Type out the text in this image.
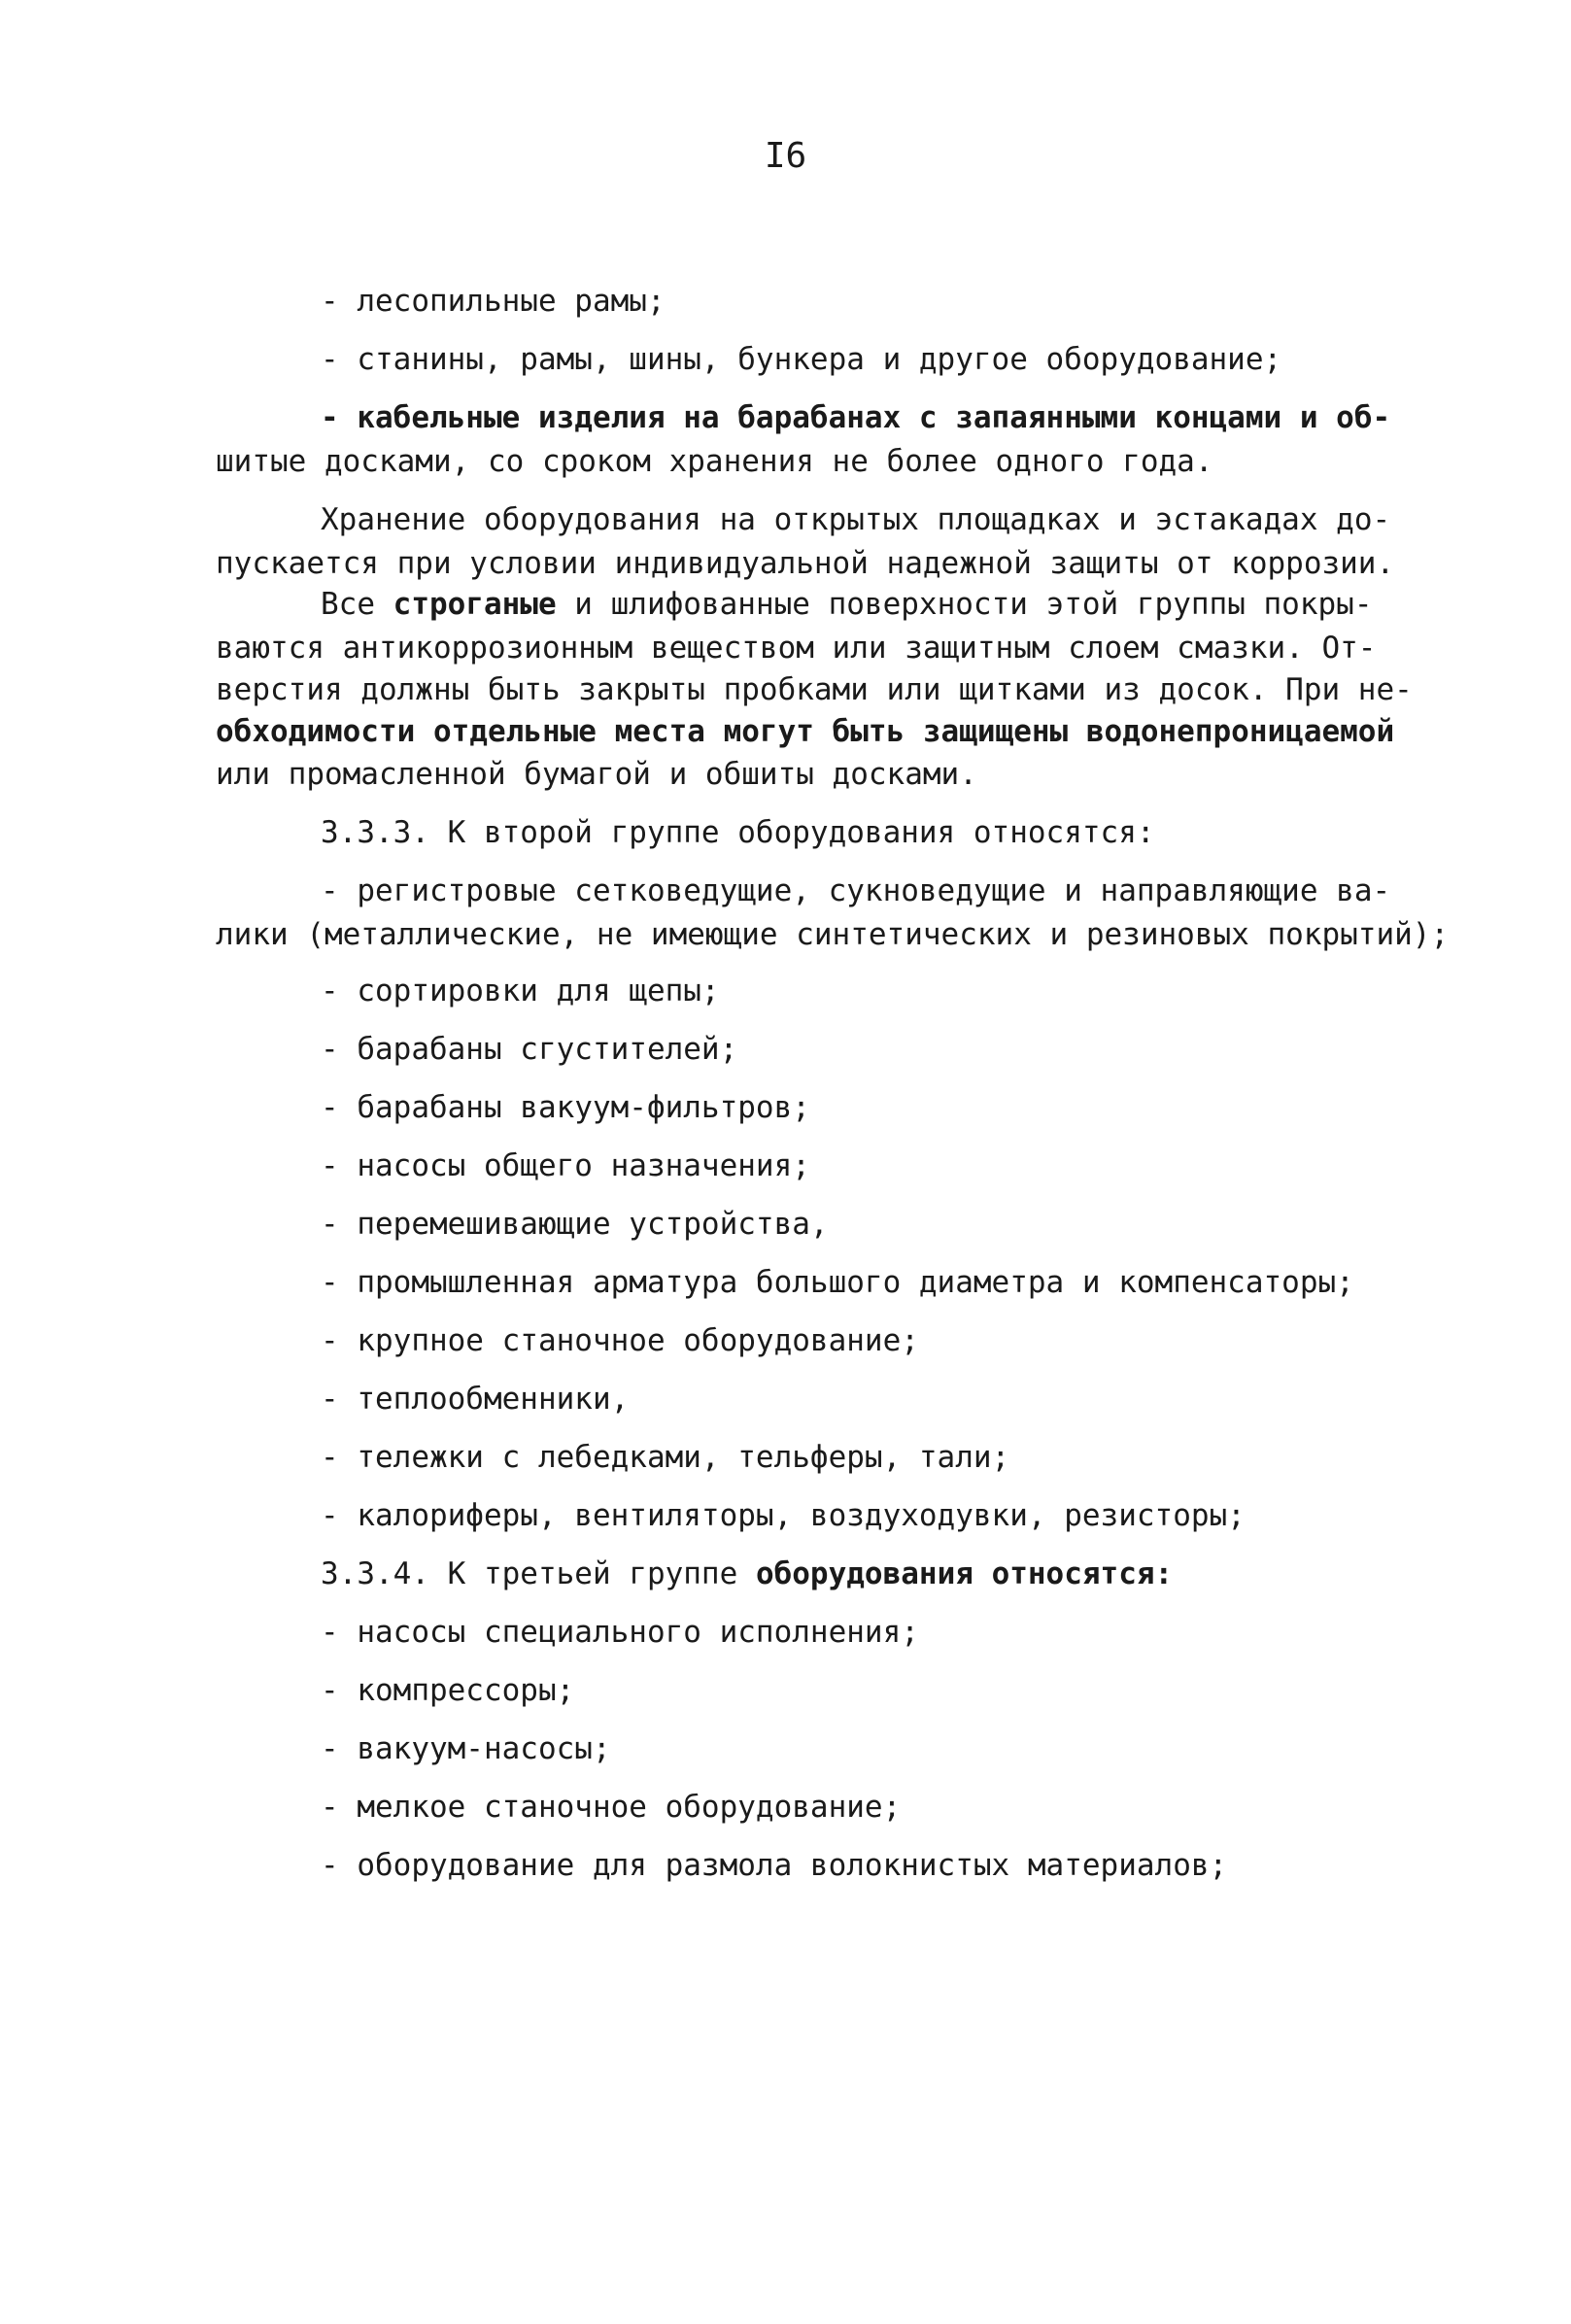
I6
- лесопильные рамы;
- станины, рамы, шины, бункера и другое оборудование;
- кабельные изделия на барабанах с запаянными концами и об-
шитые досками, со сроком хранения не более одного года.
Хранение оборудования на открытых площадках и эстакадах до-
пускается при условии индивидуальной надежной защиты от коррозии.
Все строганые и шлифованные поверхности этой группы покры-
ваются антикоррозионным веществом или защитным слоем смазки. От-
верстия должны быть закрыты пробками или щитками из досок. При не-
обходимости отдельные места могут быть защищены водонепроницаемой
или промасленной бумагой и обшиты досками.
3.3.3. К второй группе оборудования относятся:
- регистровые сетковедущие, сукноведущие и направляющие ва-
лики (металлические, не имеющие синтетических и резиновых покрытий);
- сортировки для щепы;
- барабаны сгустителей;
- барабаны вакуум-фильтров;
- насосы общего назначения;
- перемешивающие устройства,
- промышленная арматура большого диаметра и компенсаторы;
- крупное станочное оборудование;
- теплообменники,
- тележки с лебедками, тельферы, тали;
- калориферы, вентиляторы, воздуходувки, резисторы;
3.3.4. К третьей группе оборудования относятся:
- насосы специального исполнения;
- компрессоры;
- вакуум-насосы;
- мелкое станочное оборудование;
- оборудование для размола волокнистых материалов;
